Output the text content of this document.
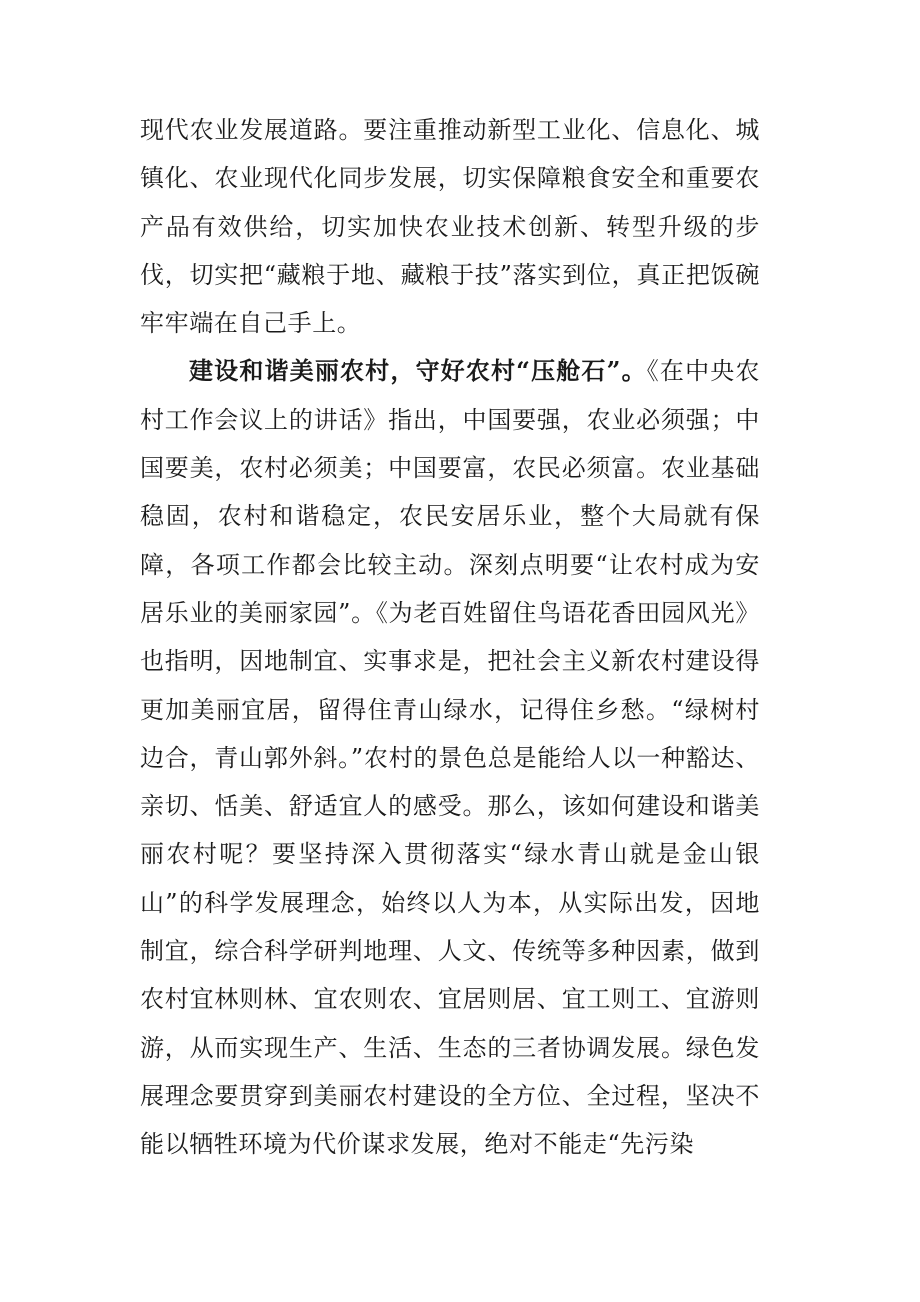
现代农业发展道路。要注重推动新型工业化、信息化、城镇化、农业现代化同步发展，切实保障粮食安全和重要农产品有效供给，切实加快农业技术创新、转型升级的步伐，切实把“藏粮于地、藏粮于技”落实到位，真正把饭碗牢牢端在自己手上。

建设和谐美丽农村，守好农村“压舱石”。《在中央农村工作会议上的讲话》指出，中国要强，农业必须强；中国要美，农村必须美；中国要富，农民必须富。农业基础稳固，农村和谐稳定，农民安居乐业，整个大局就有保障，各项工作都会比较主动。深刻点明要“让农村成为安居乐业的美丽家园”。《为老百姓留住鸟语花香田园风光》也指明，因地制宜、实事求是，把社会主义新农村建设得更加美丽宜居，留得住青山绿水，记得住乡愁。“绿树村边合，青山郭外斜。”农村的景色总是能给人以一种豁达、亲切、恬美、舒适宜人的感受。那么，该如何建设和谐美丽农村呢？要坚持深入贯彻落实“绿水青山就是金山银山”的科学发展理念，始终以人为本，从实际出发，因地制宜，综合科学研判地理、人文、传统等多种因素，做到农村宜林则林、宜农则农、宜居则居、宜工则工、宜游则游，从而实现生产、生活、生态的三者协调发展。绿色发展理念要贯穿到美丽农村建设的全方位、全过程，坚决不能以牺牲环境为代价谋求发展，绝对不能走“先污染
